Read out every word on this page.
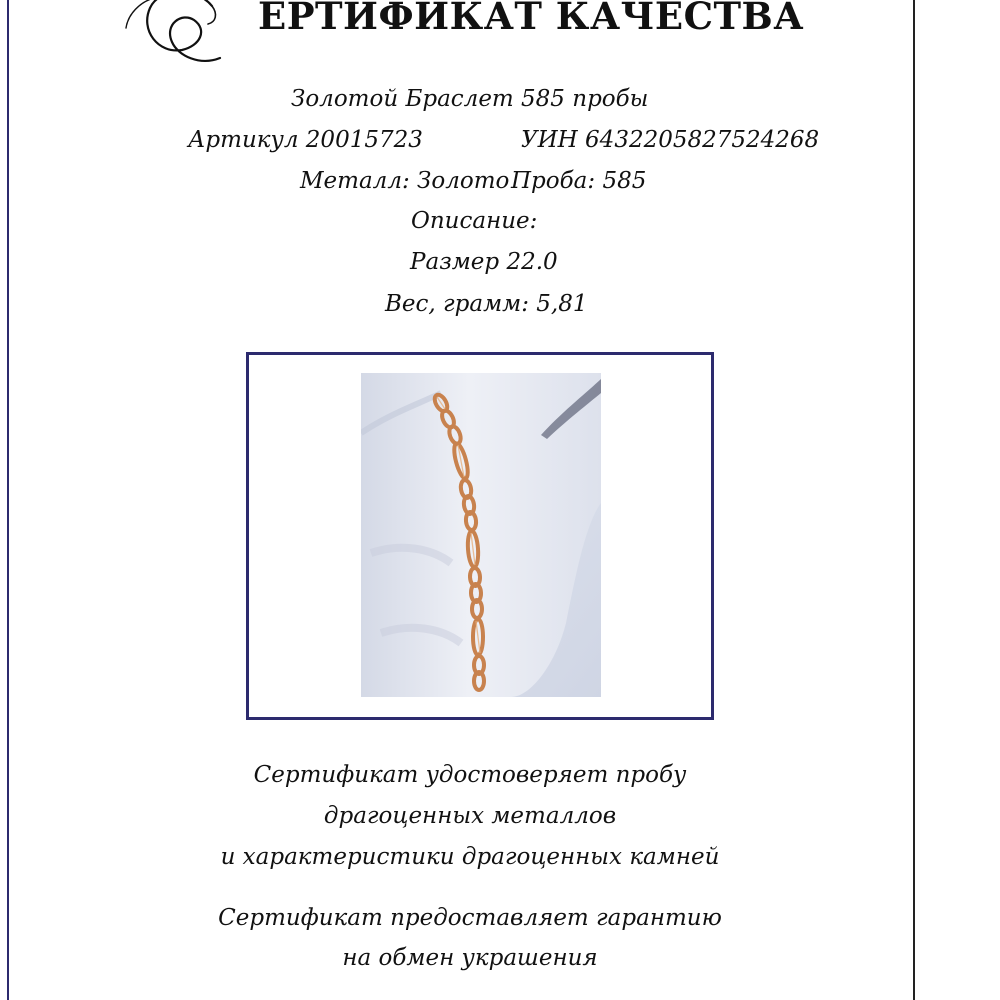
ЕРТИФИКАТ КАЧЕСТВА
Золотой Браслет 585 пробы
Артикул 20015723	УИН 6432205827524268
Металл: Золото Проба: 585
Описание:
Размер 22.0
Вес, грамм: 5,81
Сертификат удостоверяет пробу
драгоценных металлов
и характеристики драгоценных камней
Сертификат предоставляет гарантию
на обмен украшения
